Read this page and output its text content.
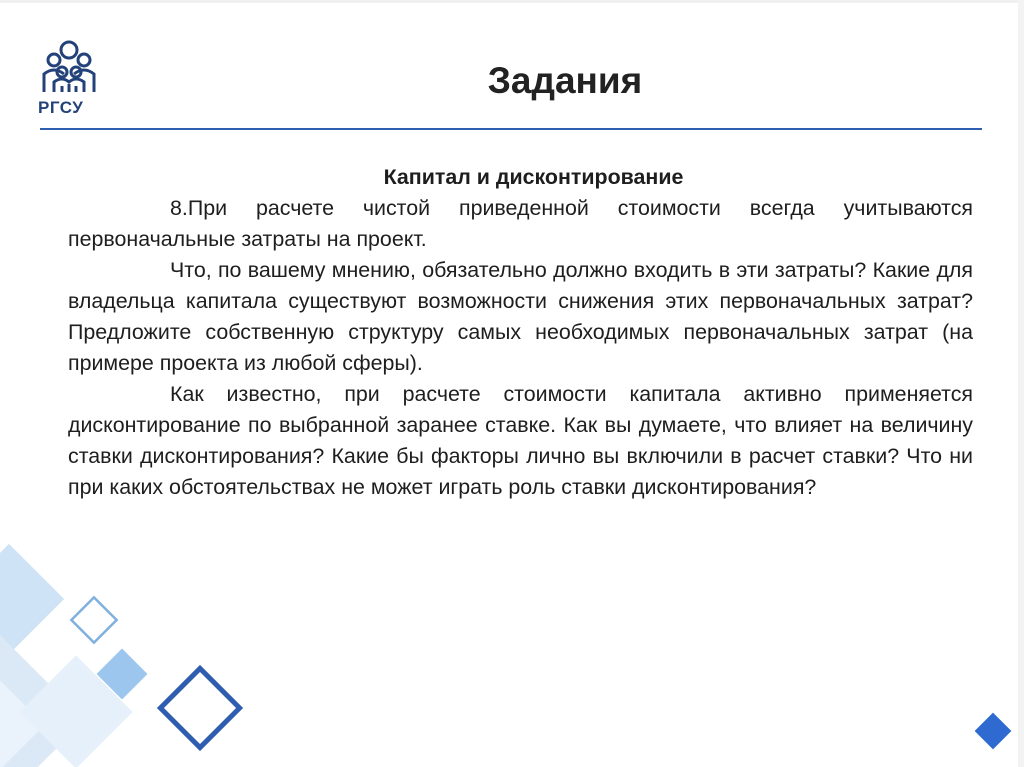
РГСУ
Задания
Капитал и дисконтирование

8.При расчете чистой приведенной стоимости всегда учитываются первоначальные затраты на проект.

Что, по вашему мнению, обязательно должно входить в эти затраты? Какие для владельца капитала существуют возможности снижения этих первоначальных затрат? Предложите собственную структуру самых необходимых первоначальных затрат (на примере проекта из любой сферы).

Как известно, при расчете стоимости капитала активно применяется дисконтирование по выбранной заранее ставке. Как вы думаете, что влияет на величину ставки дисконтирования? Какие бы факторы лично вы включили в расчет ставки? Что ни при каких обстоятельствах не может играть роль ставки дисконтирования?
